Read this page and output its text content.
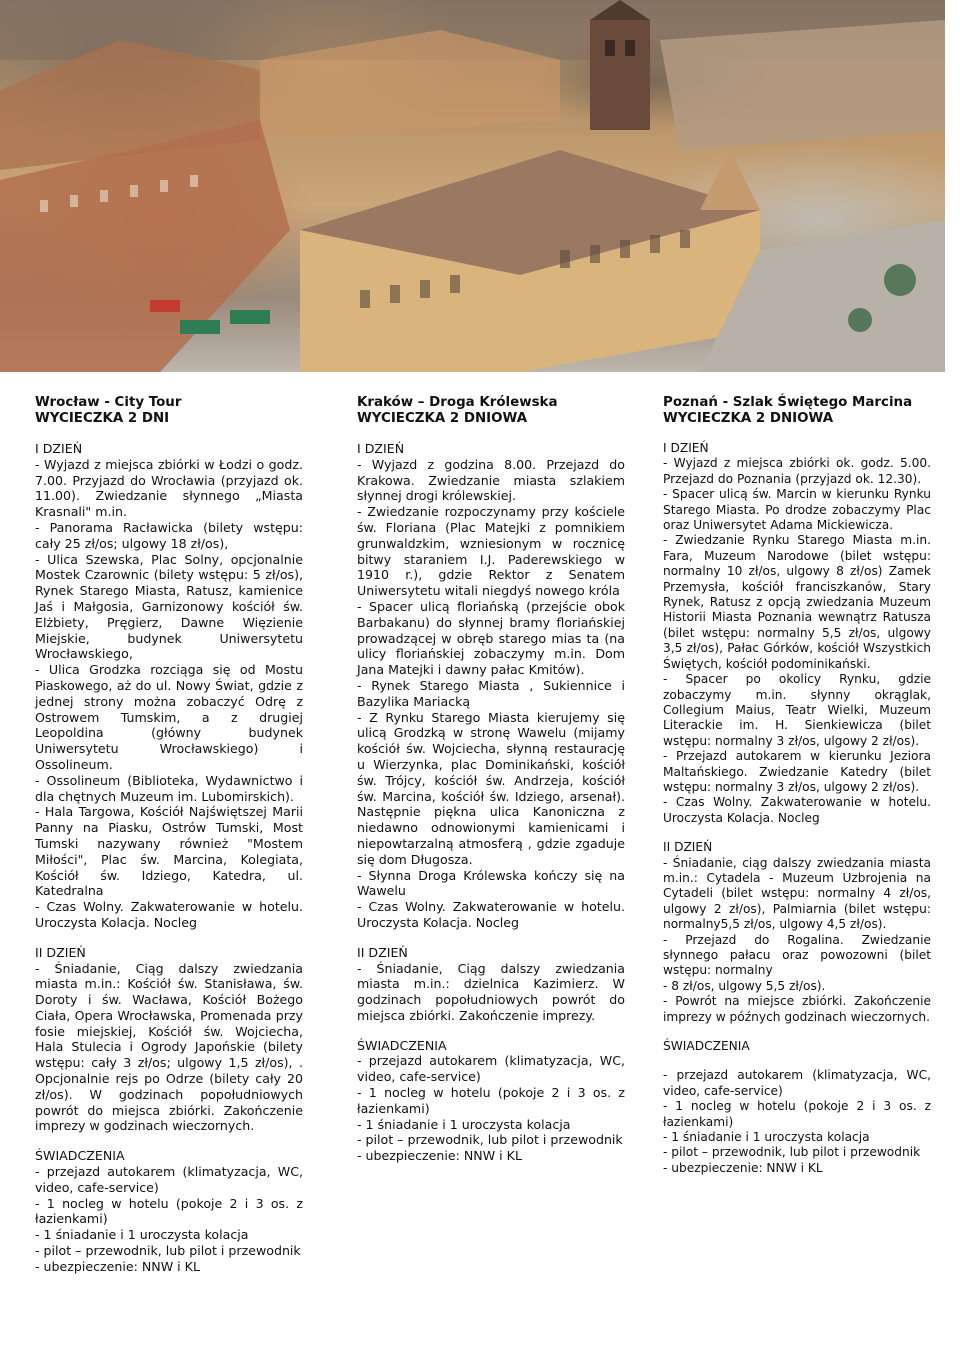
Wrocław - City Tour
WYCIECZKA 2 DNI

I DZIEŃ

- Wyjazd z miejsca zbiórki w Łodzi o godz. 7.00. Przyjazd do Wrocławia (przyjazd ok. 11.00). Zwiedzanie słynnego „Miasta Krasnali" m.in.

- Panorama Racławicka (bilety wstępu: cały 25 zł/os; ulgowy 18 zł/os),

- Ulica Szewska, Plac Solny, opcjonalnie Mostek Czarownic (bilety wstępu: 5 zł/os), Rynek Starego Miasta, Ratusz, kamienice Jaś i Małgosia, Garnizonowy kościół św. Elżbiety, Pręgierz, Dawne Więzienie Miejskie, budynek Uniwersytetu Wrocławskiego,

- Ulica Grodzka rozciąga się od Mostu Piaskowego, aż do ul. Nowy Świat, gdzie z jednej strony można zobaczyć Odrę z Ostrowem Tumskim, a z drugiej Leopoldina (główny budynek Uniwersytetu Wrocławskiego) i Ossolineum.

- Ossolineum (Biblioteka, Wydawnictwo i dla chętnych Muzeum im. Lubomirskich).

- Hala Targowa, Kościół Najświętszej Marii Panny na Piasku, Ostrów Tumski, Most Tumski nazywany również "Mostem Miłości", Plac św. Marcina, Kolegiata, Kościół św. Idziego, Katedra, ul. Katedralna

- Czas Wolny. Zakwaterowanie w hotelu. Uroczysta Kolacja. Nocleg

II DZIEŃ

- Śniadanie, Ciąg dalszy zwiedzania miasta m.in.: Kościół św. Stanisława, św. Doroty i św. Wacława, Kościół Bożego Ciała, Opera Wrocławska, Promenada przy fosie miejskiej, Kościół św. Wojciecha, Hala Stulecia i Ogrody Japońskie (bilety wstępu: cały 3 zł/os; ulgowy 1,5 zł/os), . Opcjonalnie rejs po Odrze (bilety cały 20 zł/os). W godzinach popołudniowych powrót do miejsca zbiórki. Zakończenie imprezy w godzinach wieczornych.

ŚWIADCZENIA

- przejazd autokarem (klimatyzacja, WC, video, cafe-service)

- 1 nocleg w hotelu (pokoje 2 i 3 os. z łazienkami)

- 1 śniadanie i 1 uroczysta kolacja

- pilot – przewodnik, lub pilot i przewodnik

- ubezpieczenie: NNW i KL

Kraków – Droga Królewska
WYCIECZKA 2 DNIOWA

I DZIEŃ

- Wyjazd z godzina 8.00. Przejazd do Krakowa. Zwiedzanie miasta szlakiem słynnej drogi królewskiej.

- Zwiedzanie rozpoczynamy przy kościele św. Floriana (Plac Matejki z pomnikiem grunwaldzkim, wzniesionym w rocznicę bitwy staraniem I.J. Paderewskiego w 1910 r.), gdzie Rektor z Senatem Uniwersytetu witali niegdyś nowego króla

- Spacer ulicą floriańską (przejście obok Barbakanu) do słynnej bramy floriańskiej prowadzącej w obręb starego mias ta (na ulicy floriańskiej zobaczymy m.in. Dom Jana Matejki i dawny pałac Kmitów).

- Rynek Starego Miasta , Sukiennice i Bazylika Mariacką

- Z Rynku Starego Miasta kierujemy się ulicą Grodzką w stronę Wawelu (mijamy kościół św. Wojciecha, słynną restaurację u Wierzynka, plac Dominikański, kościół św. Trójcy, kościół św. Andrzeja, kościół św. Marcina, kościół św. Idziego, arsenał). Następnie piękna ulica Kanoniczna z niedawno odnowionymi kamienicami i niepowtarzalną atmosferą , gdzie zgaduje się dom Długosza.

- Słynna Droga Królewska kończy się na Wawelu

- Czas Wolny. Zakwaterowanie w hotelu. Uroczysta Kolacja. Nocleg

II DZIEŃ

- Śniadanie, Ciąg dalszy zwiedzania miasta m.in.: dzielnica Kazimierz. W godzinach popołudniowych powrót do miejsca zbiórki. Zakończenie imprezy.

ŚWIADCZENIA

- przejazd autokarem (klimatyzacja, WC, video, cafe-service)

- 1 nocleg w hotelu (pokoje 2 i 3 os. z łazienkami)

- 1 śniadanie i 1 uroczysta kolacja

- pilot – przewodnik, lub pilot i przewodnik

- ubezpieczenie: NNW i KL

Poznań - Szlak Świętego Marcina
WYCIECZKA 2 DNIOWA

I DZIEŃ

- Wyjazd z miejsca zbiórki ok. godz. 5.00. Przejazd do Poznania (przyjazd ok. 12.30).

- Spacer ulicą św. Marcin w kierunku Rynku Starego Miasta. Po drodze zobaczymy Plac oraz Uniwersytet Adama Mickiewicza.

- Zwiedzanie Rynku Starego Miasta m.in. Fara, Muzeum Narodowe (bilet wstępu: normalny 10 zł/os, ulgowy 8 zł/os) Zamek Przemysła, kościół franciszkanów, Stary Rynek, Ratusz z opcją zwiedzania Muzeum Historii Miasta Poznania wewnątrz Ratusza (bilet wstępu: normalny 5,5 zł/os, ulgowy 3,5 zł/os), Pałac Górków, kościół Wszystkich Świętych, kościół podominikański.

- Spacer po okolicy Rynku, gdzie zobaczymy m.in. słynny okrąglak, Collegium Maius, Teatr Wielki, Muzeum Literackie im. H. Sienkiewicza (bilet wstępu: normalny 3 zł/os, ulgowy 2 zł/os).

- Przejazd autokarem w kierunku Jeziora Maltańskiego. Zwiedzanie Katedry (bilet wstępu: normalny 3 zł/os, ulgowy 2 zł/os).

- Czas Wolny. Zakwaterowanie w hotelu. Uroczysta Kolacja. Nocleg

II DZIEŃ

- Śniadanie, ciąg dalszy zwiedzania miasta m.in.: Cytadela - Muzeum Uzbrojenia na Cytadeli (bilet wstępu: normalny 4 zł/os, ulgowy 2 zł/os), Palmiarnia (bilet wstępu: normalny5,5 zł/os, ulgowy 4,5 zł/os).

- Przejazd do Rogalina. Zwiedzanie słynnego pałacu oraz powozowni (bilet wstępu: normalny

- 8 zł/os, ulgowy 5,5 zł/os).

- Powrót na miejsce zbiórki. Zakończenie imprezy w późnych godzinach wieczornych.

ŚWIADCZENIA

- przejazd autokarem (klimatyzacja, WC, video, cafe-service)

- 1 nocleg w hotelu (pokoje 2 i 3 os. z łazienkami)

- 1 śniadanie i 1 uroczysta kolacja

- pilot – przewodnik, lub pilot i przewodnik

- ubezpieczenie: NNW i KL
